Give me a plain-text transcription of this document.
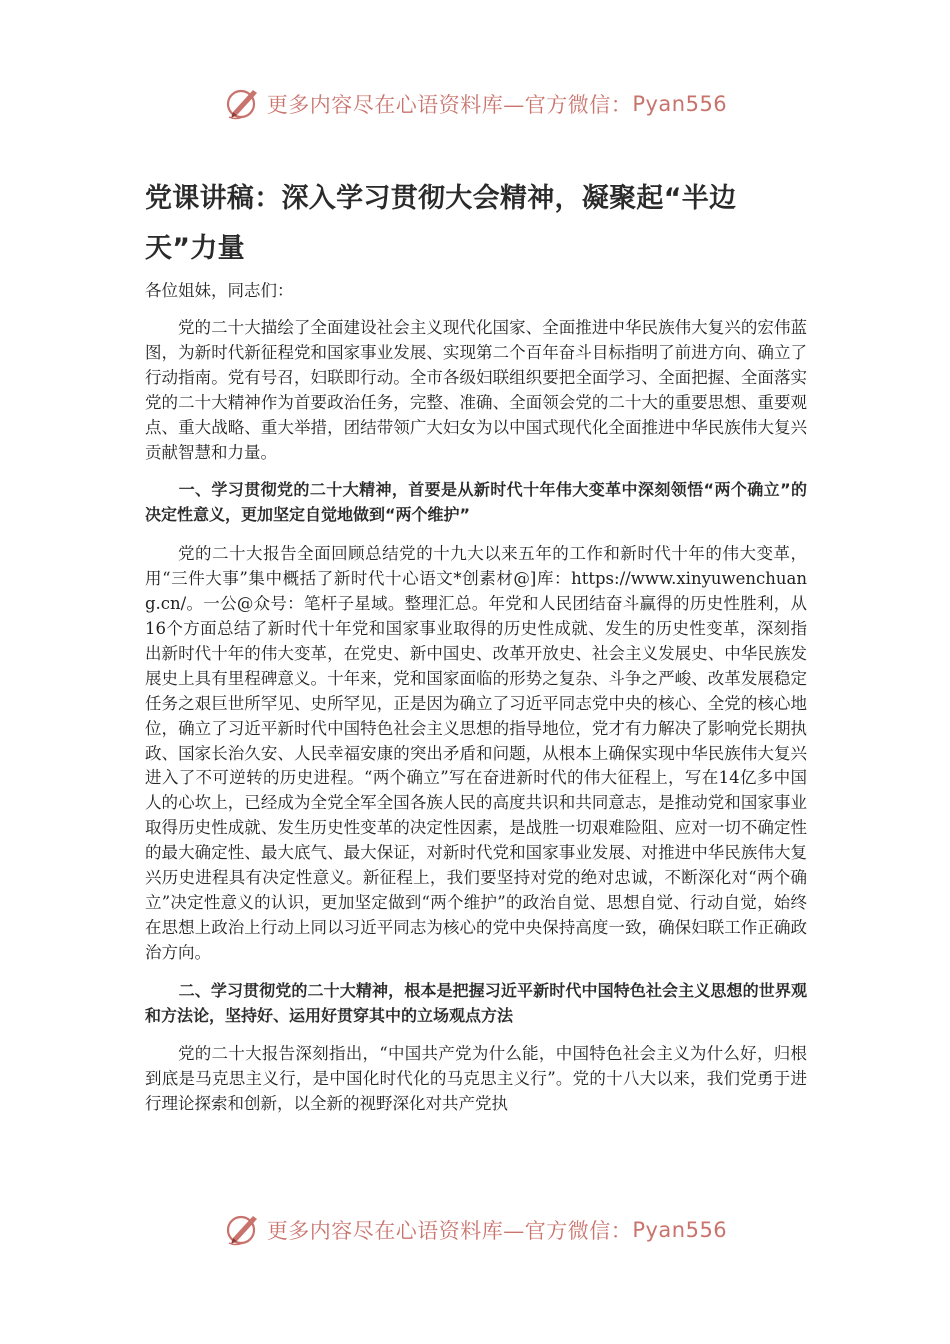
更多内容尽在心语资料库—官方微信： Pyan556
党课讲稿：深入学习贯彻大会精神，凝聚起“半边天”力量

各位姐妹，同志们：

党的二十大描绘了全面建设社会主义现代化国家、全面推进中华民族伟大复兴的宏伟蓝图，为新时代新征程党和国家事业发展、实现第二个百年奋斗目标指明了前进方向、确立了行动指南。党有号召，妇联即行动。全市各级妇联组织要把全面学习、全面把握、全面落实党的二十大精神作为首要政治任务，完整、准确、全面领会党的二十大的重要思想、重要观点、重大战略、重大举措，团结带领广大妇女为以中国式现代化全面推进中华民族伟大复兴贡献智慧和力量。

一、学习贯彻党的二十大精神，首要是从新时代十年伟大变革中深刻领悟“两个确立”的决定性意义，更加坚定自觉地做到“两个维护”

党的二十大报告全面回顾总结党的十九大以来五年的工作和新时代十年的伟大变革，用“三件大事”集中概括了新时代十心语文*创素材@]库：https://www.xinyuwenchuang.cn/。一公@众号：笔杆子星域。整理汇总。年党和人民团结奋斗赢得的历史性胜利，从16个方面总结了新时代十年党和国家事业取得的历史性成就、发生的历史性变革，深刻指出新时代十年的伟大变革，在党史、新中国史、改革开放史、社会主义发展史、中华民族发展史上具有里程碑意义。十年来，党和国家面临的形势之复杂、斗争之严峻、改革发展稳定任务之艰巨世所罕见、史所罕见，正是因为确立了习近平同志党中央的核心、全党的核心地位，确立了习近平新时代中国特色社会主义思想的指导地位，党才有力解决了影响党长期执政、国家长治久安、人民幸福安康的突出矛盾和问题，从根本上确保实现中华民族伟大复兴进入了不可逆转的历史进程。“两个确立”写在奋进新时代的伟大征程上，写在14亿多中国人的心坎上，已经成为全党全军全国各族人民的高度共识和共同意志，是推动党和国家事业取得历史性成就、发生历史性变革的决定性因素，是战胜一切艰难险阻、应对一切不确定性的最大确定性、最大底气、最大保证，对新时代党和国家事业发展、对推进中华民族伟大复兴历史进程具有决定性意义。新征程上，我们要坚持对党的绝对忠诚，不断深化对“两个确立”决定性意义的认识，更加坚定做到“两个维护”的政治自觉、思想自觉、行动自觉，始终在思想上政治上行动上同以习近平同志为核心的党中央保持高度一致，确保妇联工作正确政治方向。

二、学习贯彻党的二十大精神，根本是把握习近平新时代中国特色社会主义思想的世界观和方法论，坚持好、运用好贯穿其中的立场观点方法

党的二十大报告深刻指出，“中国共产党为什么能，中国特色社会主义为什么好，归根到底是马克思主义行，是中国化时代化的马克思主义行”。党的十八大以来，我们党勇于进行理论探索和创新，以全新的视野深化对共产党执

更多内容尽在心语资料库—官方微信： Pyan556
